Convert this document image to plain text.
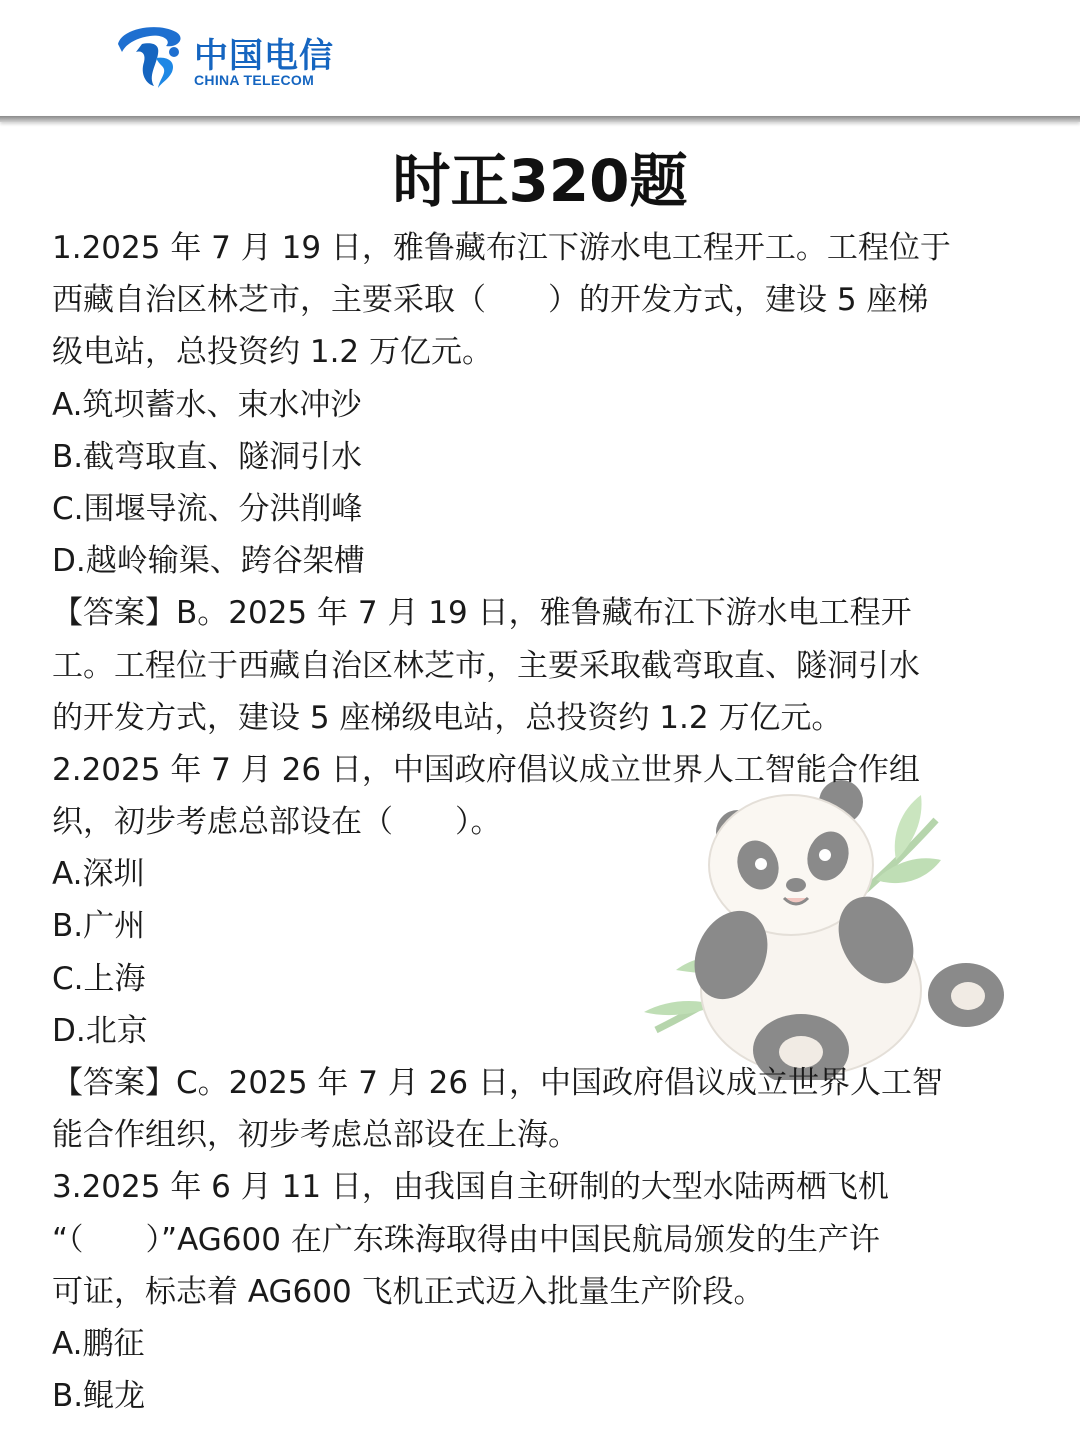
中国电信
CHINA TELECOM
时正320题
1.2025 年 7 月 19 日，雅鲁藏布江下游水电工程开工。工程位于
西藏自治区林芝市，主要采取（　　）的开发方式，建设 5 座梯
级电站，总投资约 1.2 万亿元。
A.筑坝蓄水、束水冲沙
B.截弯取直、隧洞引水
C.围堰导流、分洪削峰
D.越岭输渠、跨谷架槽
【答案】B。2025 年 7 月 19 日，雅鲁藏布江下游水电工程开
工。工程位于西藏自治区林芝市，主要采取截弯取直、隧洞引水
的开发方式，建设 5 座梯级电站，总投资约 1.2 万亿元。
2.2025 年 7 月 26 日，中国政府倡议成立世界人工智能合作组
织，初步考虑总部设在（　　）。
A.深圳
B.广州
C.上海
D.北京
【答案】C。2025 年 7 月 26 日，中国政府倡议成立世界人工智
能合作组织，初步考虑总部设在上海。
3.2025 年 6 月 11 日，由我国自主研制的大型水陆两栖飞机
“（　　）”AG600 在广东珠海取得由中国民航局颁发的生产许
可证，标志着 AG600 飞机正式迈入批量生产阶段。
A.鹏征
B.鲲龙
